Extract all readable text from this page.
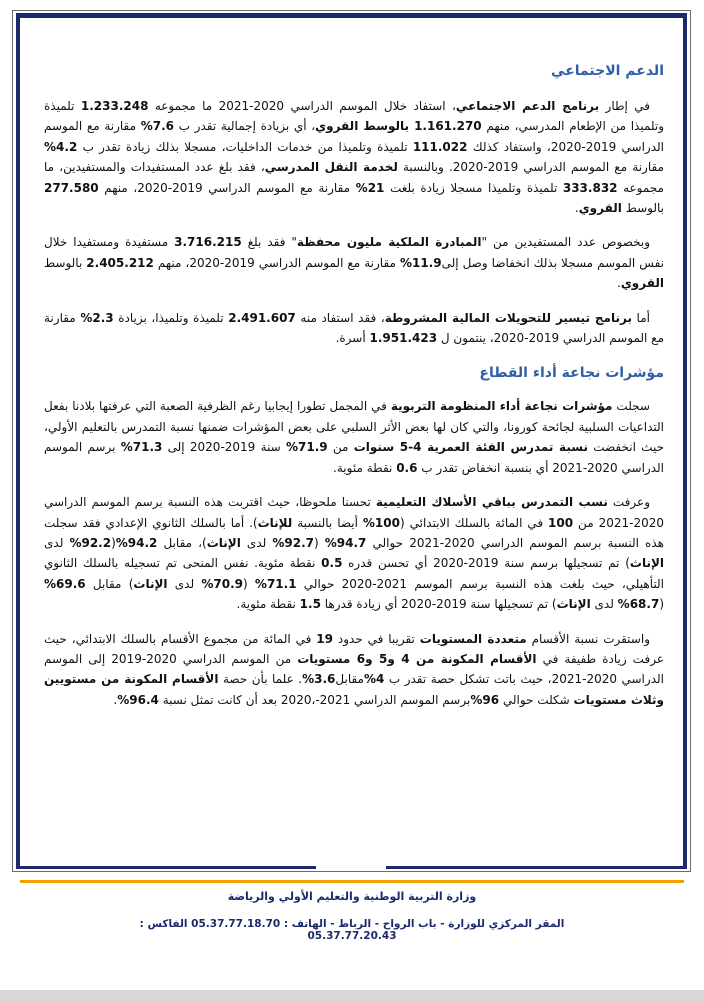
الدعم الاجتماعي

في إطار برنامج الدعم الاجتماعي، استفاد خلال الموسم الدراسي 2020-2021 ما مجموعه 1.233.248 تلميذة وتلميذا من الإطعام المدرسي، منهم 1.161.270 بالوسط القروي، أي بزيادة إجمالية تقدر ب 7.6% مقارنة مع الموسم الدراسي 2019-2020، واستفاد كذلك 111.022 تلميذة وتلميذا من خدمات الداخليات، مسجلا بذلك زيادة تقدر ب 4.2% مقارنة مع الموسم الدراسي 2019-2020. وبالنسبة لخدمة النقل المدرسي، فقد بلغ عدد المستفيدات والمستفيدين، ما مجموعه 333.832 تلميذة وتلميذا مسجلا زيادة بلغت 21% مقارنة مع الموسم الدراسي 2019-2020، منهم 277.580 بالوسط القروي.

وبخصوص عدد المستفيدين من "المبادرة الملكية مليون محفظة" فقد بلغ 3.716.215 مستفيدة ومستفيدا خلال نفس الموسم مسجلا بذلك انخفاضا وصل إلى11.9% مقارنة مع الموسم الدراسي 2019-2020، منهم 2.405.212 بالوسط القروي.

أما برنامج تيسير للتحويلات المالية المشروطة، فقد استفاد منه 2.491.607 تلميذة وتلميذا، بزيادة 2.3% مقارنة مع الموسم الدراسي 2019-2020، ينتمون ل 1.951.423 أسرة.

مؤشرات نجاعة أداء القطاع

سجلت مؤشرات نجاعة أداء المنظومة التربوية في المجمل تطورا إيجابيا رغم الظرفية الصعبة التي عرفتها بلادنا بفعل التداعيات السلبية لجائحة كورونا، والتي كان لها بعض الأثر السلبي على بعض المؤشرات ضمنها نسبة التمدرس بالتعليم الأولي، حيث انخفضت نسبة تمدرس الفئة العمرية 4-5 سنوات من 71.9% سنة 2019-2020 إلى 71.3% برسم الموسم الدراسي 2020-2021 أي بنسبة انخفاض تقدر ب 0.6 نقطة مئوية.

وعرفت نسب التمدرس بباقي الأسلاك التعليمية تحسنا ملحوظا، حيث اقتربت هذه النسبة برسم الموسم الدراسي 2020-2021 من 100 في المائة بالسلك الابتدائي (100% أيضا بالنسبة للإناث). أما بالسلك الثانوي الإعدادي فقد سجلت هذه النسبة برسم الموسم الدراسي 2020-2021 حوالي 94.7% (92.7% لدى الإناث)، مقابل 94.2%(92.2% لدى الإناث) تم تسجيلها برسم سنة 2019-2020 أي تحسن قدره 0.5 نقطة مئوية. نفس المنحى تم تسجيله بالسلك الثانوي التأهيلي، حيث بلغت هذه النسبة برسم الموسم 2021-2020 حوالي 71.1% (70.9% لدى الإناث) مقابل 69.6% (68.7% لدى الإناث) تم تسجيلها سنة 2019-2020 أي زيادة قدرها 1.5 نقطة مئوية.

واستقرت نسبة الأقسام متعددة المستويات تقريبا في حدود 19 في المائة من مجموع الأقسام بالسلك الابتدائي، حيث عرفت زيادة طفيفة في الأقسام المكونة من 4 و5 و6 مستويات من الموسم الدراسي 2020-2019 إلى الموسم الدراسي 2020-2021، حيث باتت تشكل حصة تقدر ب 4%مقابل3.6%. علما بأن حصة الأقسام المكونة من مستويين وثلاث مستويات شكلت حوالي 96%برسم الموسم الدراسي 2021-،2020 بعد أن كانت تمثل نسبة 96.4%.

وزارة التربية الوطنية والتعليم الأولي والرياضة
المقر المركزي للوزارة - باب الرواح - الرباط - الهاتف : 05.37.77.18.70 الفاكس : 05.37.77.20.43
